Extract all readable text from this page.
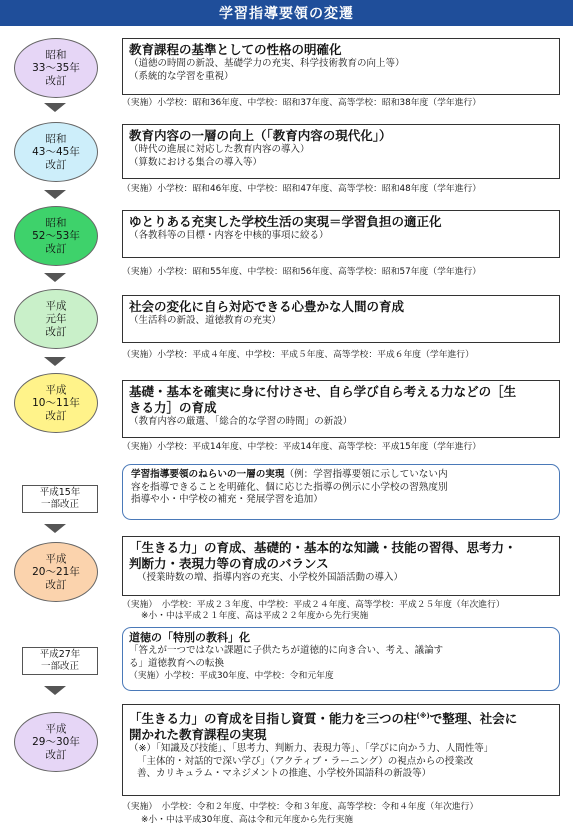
学習指導要領の変遷
昭和
33～35年
改訂
教育課程の基準としての性格の明確化
（道徳の時間の新設、基礎学力の充実、科学技術教育の向上等）
（系統的な学習を重視）
（実施）小学校：昭和36年度、中学校：昭和37年度、高等学校：昭和38年度（学年進行）
昭和
43～45年
改訂
教育内容の一層の向上（「教育内容の現代化」）
（時代の進展に対応した教育内容の導入）
（算数における集合の導入等）
（実施）小学校：昭和46年度、中学校：昭和47年度、高等学校：昭和48年度（学年進行）
昭和
52～53年
改訂
ゆとりある充実した学校生活の実現＝学習負担の適正化
（各教科等の目標・内容を中核的事項に絞る）
（実施）小学校：昭和55年度、中学校：昭和56年度、高等学校：昭和57年度（学年進行）
平成
元年
改訂
社会の変化に自ら対応できる心豊かな人間の育成
（生活科の新設、道徳教育の充実）
（実施）小学校：平成４年度、中学校：平成５年度、高等学校：平成６年度（学年進行）
平成
10～11年
改訂
基礎・基本を確実に身に付けさせ、自ら学び自ら考える力などの［生
きる力］の育成
（教育内容の厳選、「総合的な学習の時間」の新設）
（実施）小学校：平成14年度、中学校：平成14年度、高等学校：平成15年度（学年進行）
平成15年
一部改正
学習指導要領のねらいの一層の実現（例：学習指導要領に示していない内
容を指導できることを明確化、個に応じた指導の例示に小学校の習熟度別
指導や小・中学校の補充・発展学習を追加）
平成
20～21年
改訂
「生きる力」の育成、基礎的・基本的な知識・技能の習得、思考力・
判断力・表現力等の育成のバランス
（授業時数の増、指導内容の充実、小学校外国語活動の導入）
（実施）　小学校：平成２３年度、中学校：平成２４年度、高等学校：平成２５年度（年次進行）
※小・中は平成２１年度、高は平成２２年度から先行実施
平成27年
一部改正
道徳の「特別の教科」化
「答えが一つではない課題に子供たちが道徳的に向き合い、考え、議論す
る」道徳教育への転換
（実施）小学校：平成30年度、中学校：令和元年度
平成
29～30年
改訂
「生きる力」の育成を目指し資質・能力を三つの柱(※)で整理、社会に
開かれた教育課程の実現
（※）「知識及び技能」、「思考力、判断力、表現力等」、「学びに向かう力、人間性等」
「主体的・対話的で深い学び」（アクティブ・ラーニング）の視点からの授業改
善、カリキュラム・マネジメントの推進、小学校外国語科の新設等）
（実施）　小学校：令和２年度、中学校：令和３年度、高等学校：令和４年度（年次進行）
※小・中は平成30年度、高は令和元年度から先行実施
